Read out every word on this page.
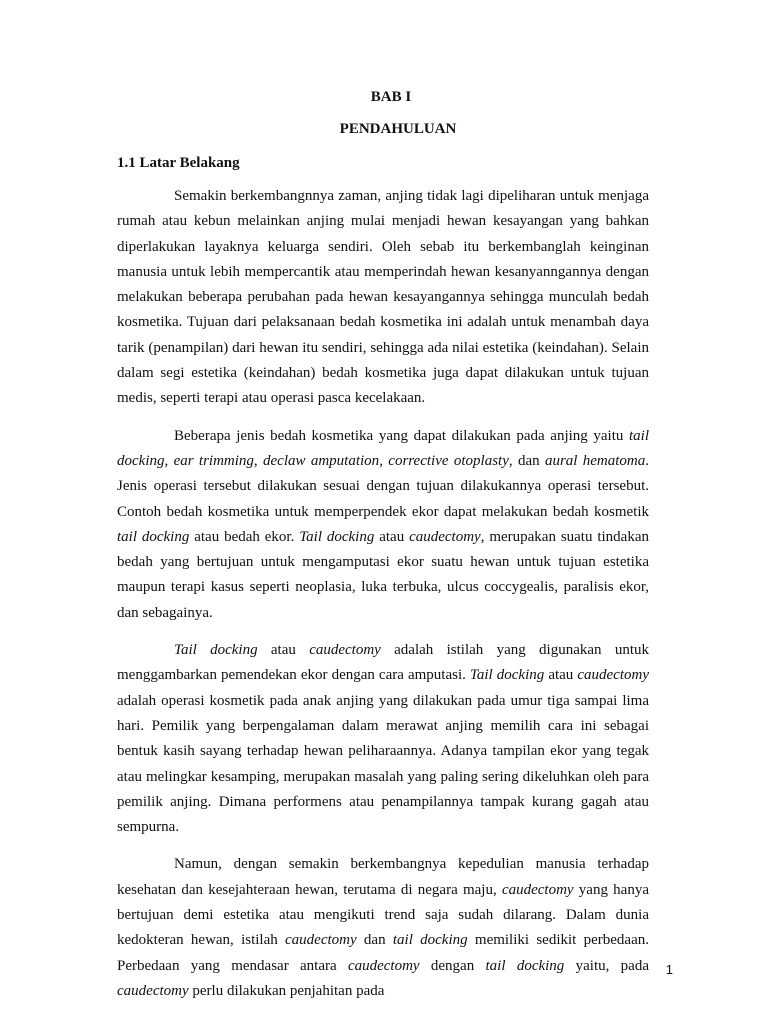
BAB I
PENDAHULUAN
1.1 Latar Belakang

Semakin berkembangnnya zaman, anjing tidak lagi dipeliharan untuk menjaga rumah atau kebun melainkan anjing mulai menjadi hewan kesayangan yang bahkan diperlakukan layaknya keluarga sendiri. Oleh sebab itu berkembanglah keinginan manusia untuk lebih mempercantik atau memperindah hewan kesanyanngannya dengan melakukan beberapa perubahan pada hewan kesayangannya sehingga munculah bedah kosmetika. Tujuan dari pelaksanaan bedah kosmetika ini adalah untuk menambah daya tarik (penampilan) dari hewan itu sendiri, sehingga ada nilai estetika (keindahan). Selain dalam segi estetika (keindahan) bedah kosmetika juga dapat dilakukan untuk tujuan medis, seperti terapi atau operasi pasca kecelakaan.

Beberapa jenis bedah kosmetika yang dapat dilakukan pada anjing yaitu tail docking, ear trimming, declaw amputation, corrective otoplasty, dan aural hematoma. Jenis operasi tersebut dilakukan sesuai dengan tujuan dilakukannya operasi tersebut. Contoh bedah kosmetika untuk memperpendek ekor dapat melakukan bedah kosmetik tail docking atau bedah ekor. Tail docking atau caudectomy, merupakan suatu tindakan bedah yang bertujuan untuk mengamputasi ekor suatu hewan untuk tujuan estetika maupun terapi kasus seperti neoplasia, luka terbuka, ulcus coccygealis, paralisis ekor, dan sebagainya.

Tail docking atau caudectomy adalah istilah yang digunakan untuk menggambarkan pemendekan ekor dengan cara amputasi. Tail docking atau caudectomy adalah operasi kosmetik pada anak anjing yang dilakukan pada umur tiga sampai lima hari. Pemilik yang berpengalaman dalam merawat anjing memilih cara ini sebagai bentuk kasih sayang terhadap hewan peliharaannya. Adanya tampilan ekor yang tegak atau melingkar kesamping, merupakan masalah yang paling sering dikeluhkan oleh para pemilik anjing. Dimana performens atau penampilannya tampak kurang gagah atau sempurna.

Namun, dengan semakin berkembangnya kepedulian manusia terhadap kesehatan dan kesejahteraan hewan, terutama di negara maju, caudectomy yang hanya bertujuan demi estetika atau mengikuti trend saja sudah dilarang. Dalam dunia kedokteran hewan, istilah caudectomy dan tail docking memiliki sedikit perbedaan. Perbedaan yang mendasar antara caudectomy dengan tail docking yaitu, pada caudectomy perlu dilakukan penjahitan pada

1
